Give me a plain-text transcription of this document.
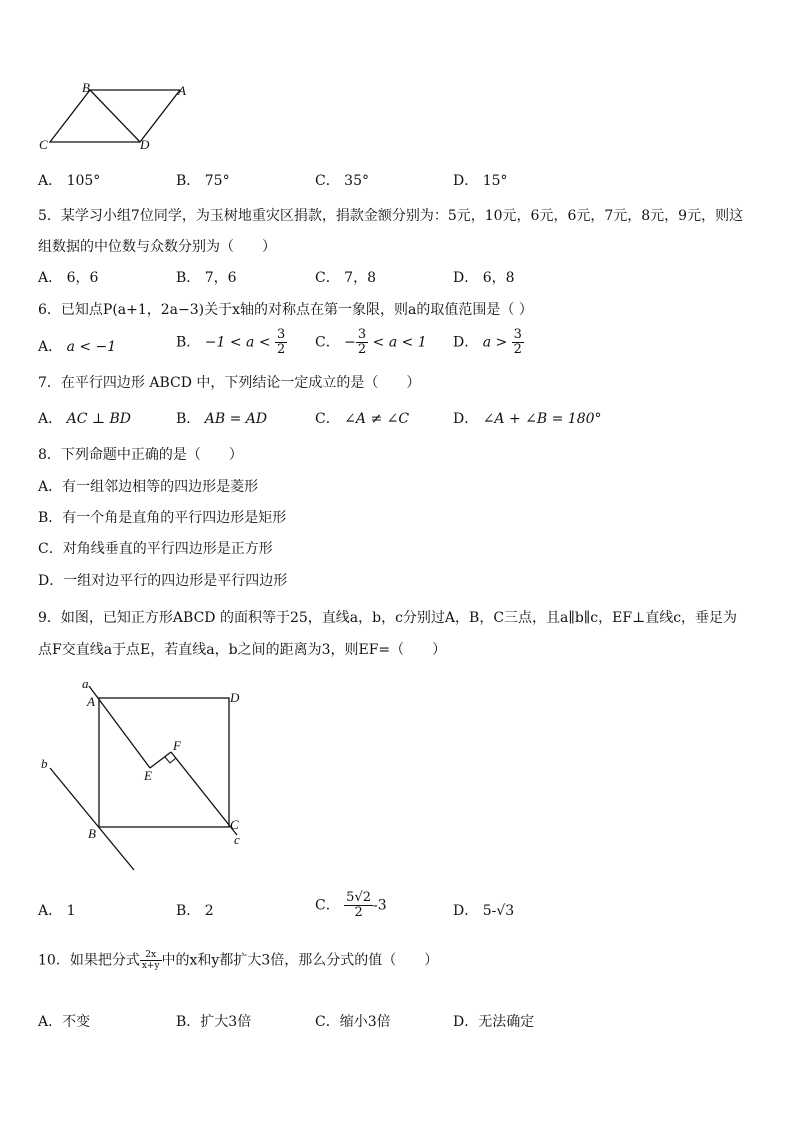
B	A
C	D
A． 105°	B． 75°	C． 35°	D． 15°
5．某学习小组7位同学，为玉树地重灾区捐款，捐款金额分别为：5元，10元，6元，6元，7元，8元，9元，则这
组数据的中位数与众数分别为（　　）
A． 6，6	B． 7，6	C． 7，8	D． 6，8
6．已知点P(a+1，2a−3)关于x轴的对称点在第一象限，则a的取值范围是（ ）
A． a < −1	B． $-1 < a < \frac{3}{2}$ C． − $\frac{3}{2} < a < 1$ D． $a > \frac{3}{2}$
7．在平行四边形 ABCD 中，下列结论一定成立的是（　　）
A． AC ⊥ BD	B． AB = AD	C． ∠A ≠ ∠C	D． ∠A + ∠B = 180°
8．下列命题中正确的是（　　）
A．有一组邻边相等的四边形是菱形
B．有一个角是直角的平行四边形是矩形
C．对角线垂直的平行四边形是正方形
D．一组对边平行的四边形是平行四边形
9．如图，已知正方形ABCD 的面积等于25，直线a，b，c分别过A，B，C三点，且a∥b∥c，EF⊥直线c，垂足为
点F交直线a于点E，若直线a，b之间的距离为3，则EF=（　　）
a
A	D
F
E
b
B
C
c
A． 1	B． 2	C． $\frac{5√2}{2} -3$	D． 5-√3
10．如果把分式 $\frac{2x}{x+y}$ 中的x和y都扩大3倍，那么分式的值（　　）
A．不变	B．扩大3倍	C．缩小3倍	D．无法确定
